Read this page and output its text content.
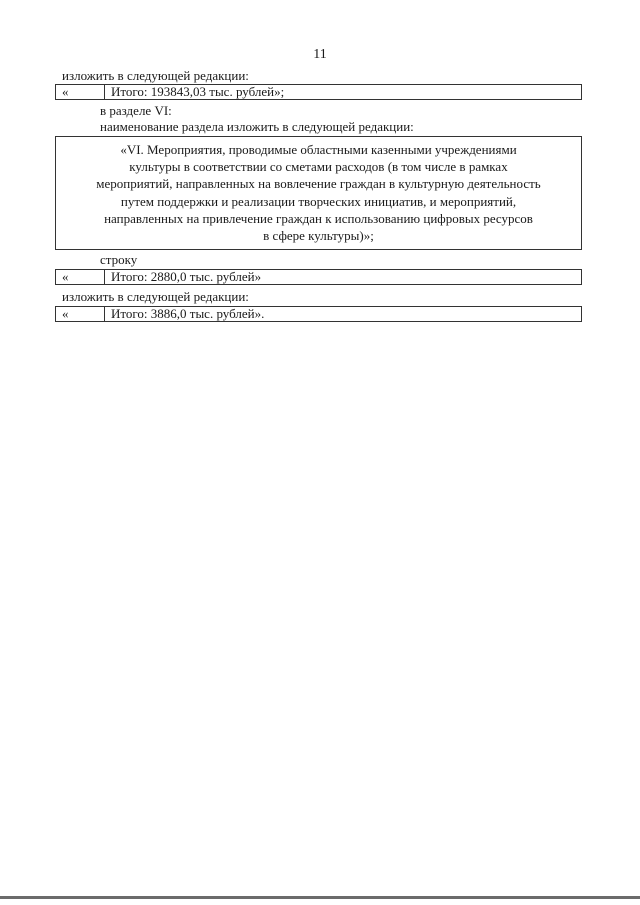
11
изложить в следующей редакции:
«	Итого: 193843,03 тыс. рублей»;
в разделе VI:
наименование раздела изложить в следующей редакции:
«VI. Мероприятия, проводимые областными казенными учреждениями
культуры в соответствии со сметами расходов (в том числе в рамках
мероприятий, направленных на вовлечение граждан в культурную деятельность
путем поддержки и реализации творческих инициатив, и мероприятий,
направленных на привлечение граждан к использованию цифровых ресурсов
в сфере культуры)»;
строку
«	Итого: 2880,0 тыс. рублей»
изложить в следующей редакции:
«	Итого: 3886,0 тыс. рублей».
